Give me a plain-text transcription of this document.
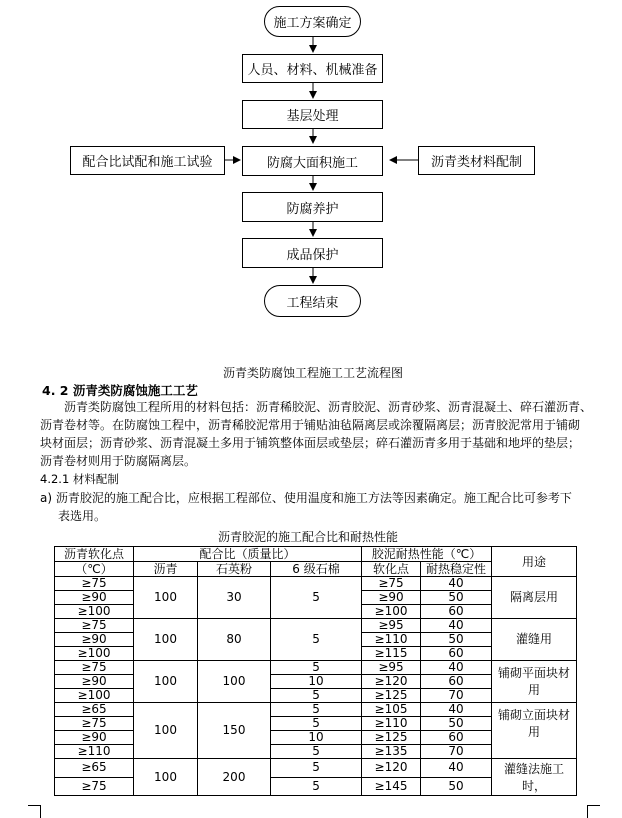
施工方案确定
人员、材料、机械准备
基层处理
配合比试配和施工试验	防腐大面积施工	沥青类材料配制
防腐养护
成品保护
工程结束
沥青类防腐蚀工程施工工艺流程图
4. 2 沥青类防腐蚀施工工艺
沥青类防腐蚀工程所用的材料包括：沥青稀胶泥、沥青胶泥、沥青砂浆、沥青混凝土、碎石灌沥青、
沥青卷材等。在防腐蚀工程中，沥青稀胶泥常用于铺贴油毡隔离层或涂覆隔离层；沥青胶泥常用于铺砌
块材面层；沥青砂浆、沥青混凝土多用于铺筑整体面层或垫层；碎石灌沥青多用于基础和地坪的垫层；
沥青卷材则用于防腐隔离层。
4.2.1 材料配制
a) 沥青胶泥的施工配合比，应根据工程部位、使用温度和施工方法等因素确定。施工配合比可参考下
表选用。
沥青胶泥的施工配合比和耐热性能
沥青软化点	配合比（质量比）			胶泥耐热性能（℃）		用途
（℃）	沥青	石英粉	6 级石棉	软化点	耐热稳定性	
≥75	100	30	5	≥75	40	隔离层用
≥90				≥90	50	
≥100				≥100	60	
≥75	100	80	5	≥95	40	灌缝用
≥90				≥110	50	
≥100				≥115	60	
≥75	100	100	5	≥95	40	铺砌平面块材用
≥90			10	≥120	60	
≥100			5	≥125	70	
≥65	100	150	5	≥105	40	铺砌立面块材用
≥75			5	≥110	50	
≥90			10	≥125	60	
≥110			5	≥135	70	
≥65	100	200	5	≥120	40	灌缝法施工时，
≥75			5	≥145	50	
